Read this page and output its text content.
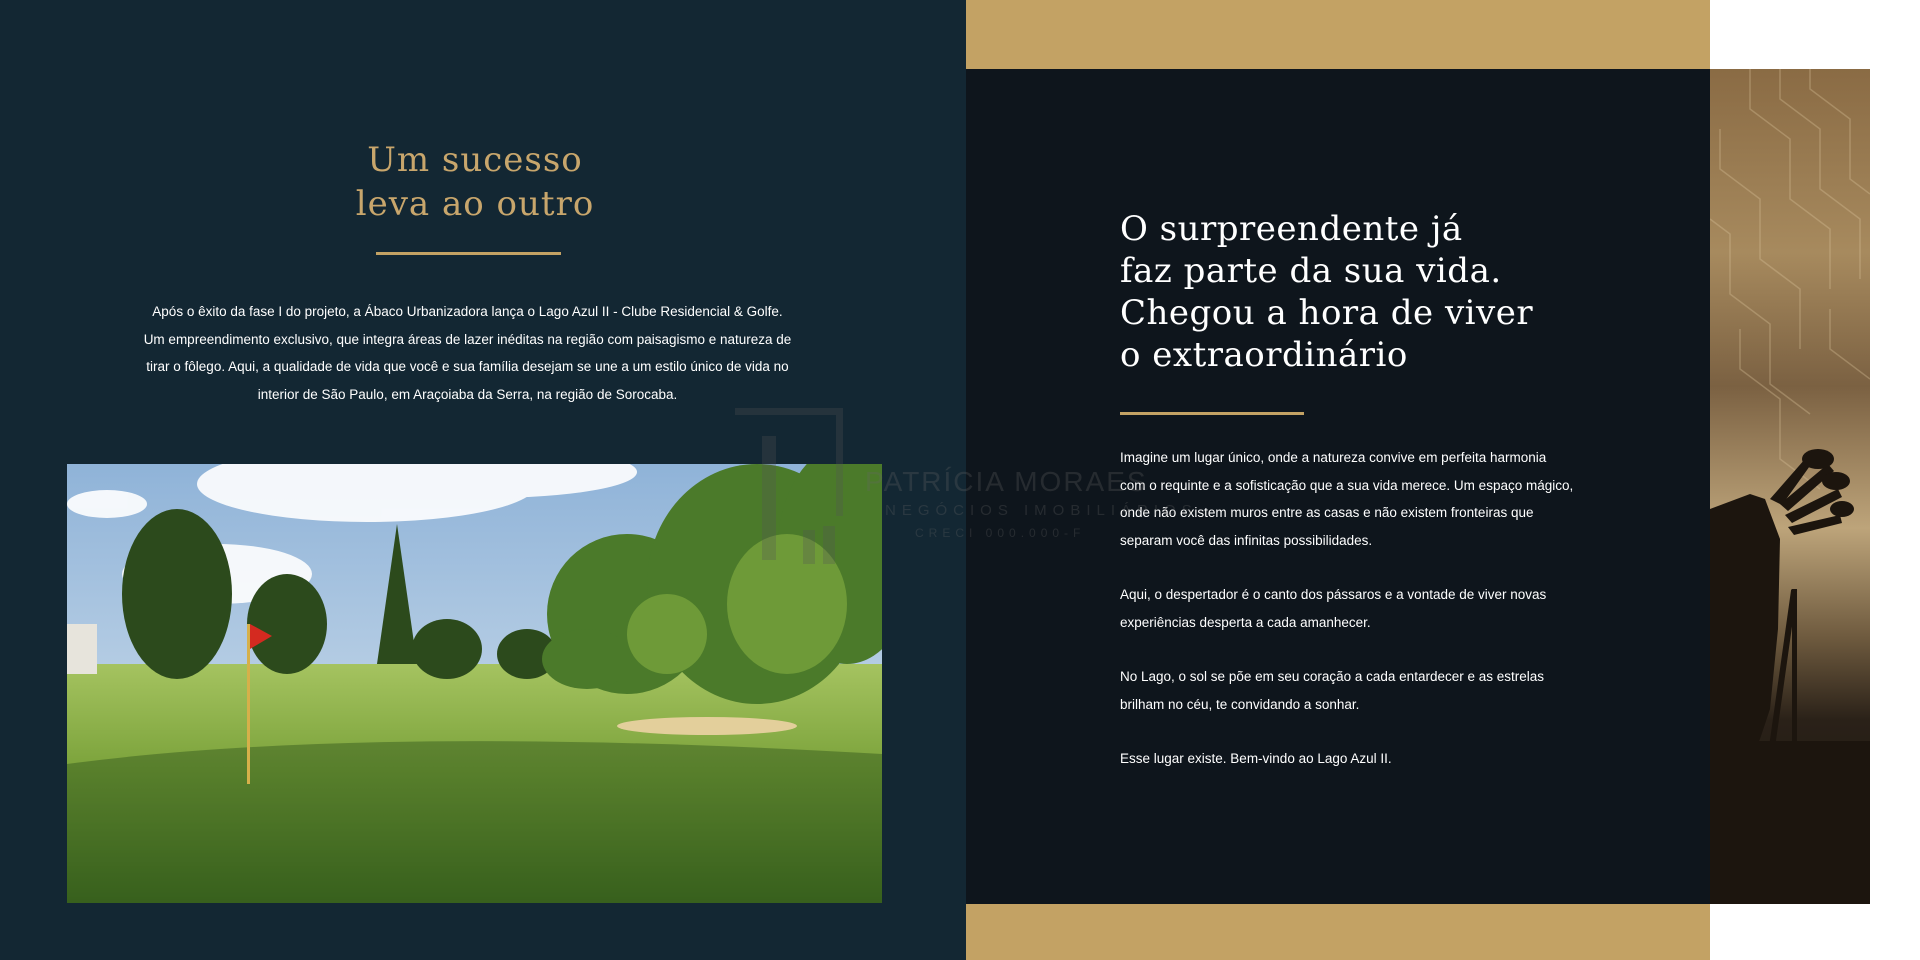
Um sucesso
leva ao outro

Após o êxito da fase I do projeto, a Ábaco Urbanizadora lança o Lago Azul II - Clube Residencial & Golfe. Um empreendimento exclusivo, que integra áreas de lazer inéditas na região com paisagismo e natureza de tirar o fôlego. Aqui, a qualidade de vida que você e sua família desejam se une a um estilo único de vida no interior de São Paulo, em Araçoiaba da Serra, na região de Sorocaba.

O surpreendente já
faz parte da sua vida.
Chegou a hora de viver
o extraordinário

Imagine um lugar único, onde a natureza convive em perfeita harmonia com o requinte e a sofisticação que a sua vida merece. Um espaço mágico, onde não existem muros entre as casas e não existem fronteiras que separam você das infinitas possibilidades.

Aqui, o despertador é o canto dos pássaros e a vontade de viver novas experiências desperta a cada amanhecer.

No Lago, o sol se põe em seu coração a cada entardecer e as estrelas brilham no céu, te convidando a sonhar.

Esse lugar existe. Bem-vindo ao Lago Azul II.

PATRÍCIA MORAES
NEGÓCIOS IMOBILIÁRIOS
CRECI 000.000-F
